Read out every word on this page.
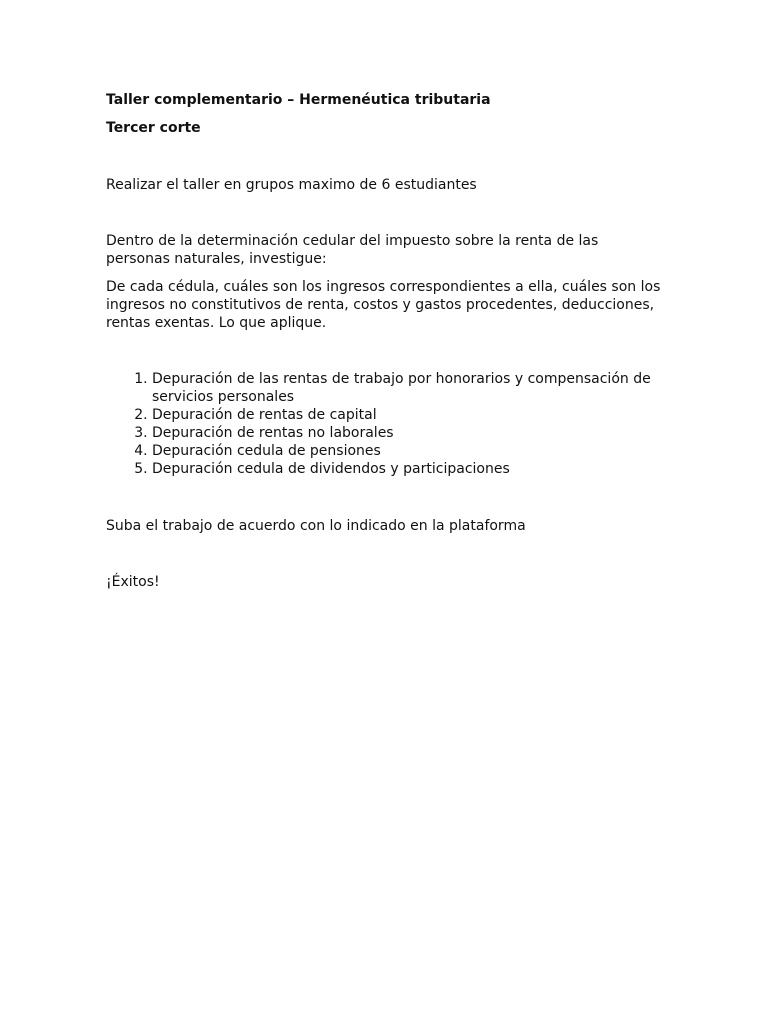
Taller complementario – Hermenéutica tributaria

Tercer corte

Realizar el taller en grupos maximo de 6 estudiantes

Dentro de la determinación cedular del impuesto sobre la renta de las personas naturales, investigue:

De cada cédula, cuáles son los ingresos correspondientes a ella, cuáles son los ingresos no constitutivos de renta, costos y gastos procedentes, deducciones, rentas exentas. Lo que aplique.

1. Depuración de las rentas de trabajo por honorarios y compensación de servicios personales
2. Depuración de rentas de capital
3. Depuración de rentas no laborales
4. Depuración cedula de pensiones
5. Depuración cedula de dividendos y participaciones

Suba el trabajo de acuerdo con lo indicado en la plataforma

¡Éxitos!
